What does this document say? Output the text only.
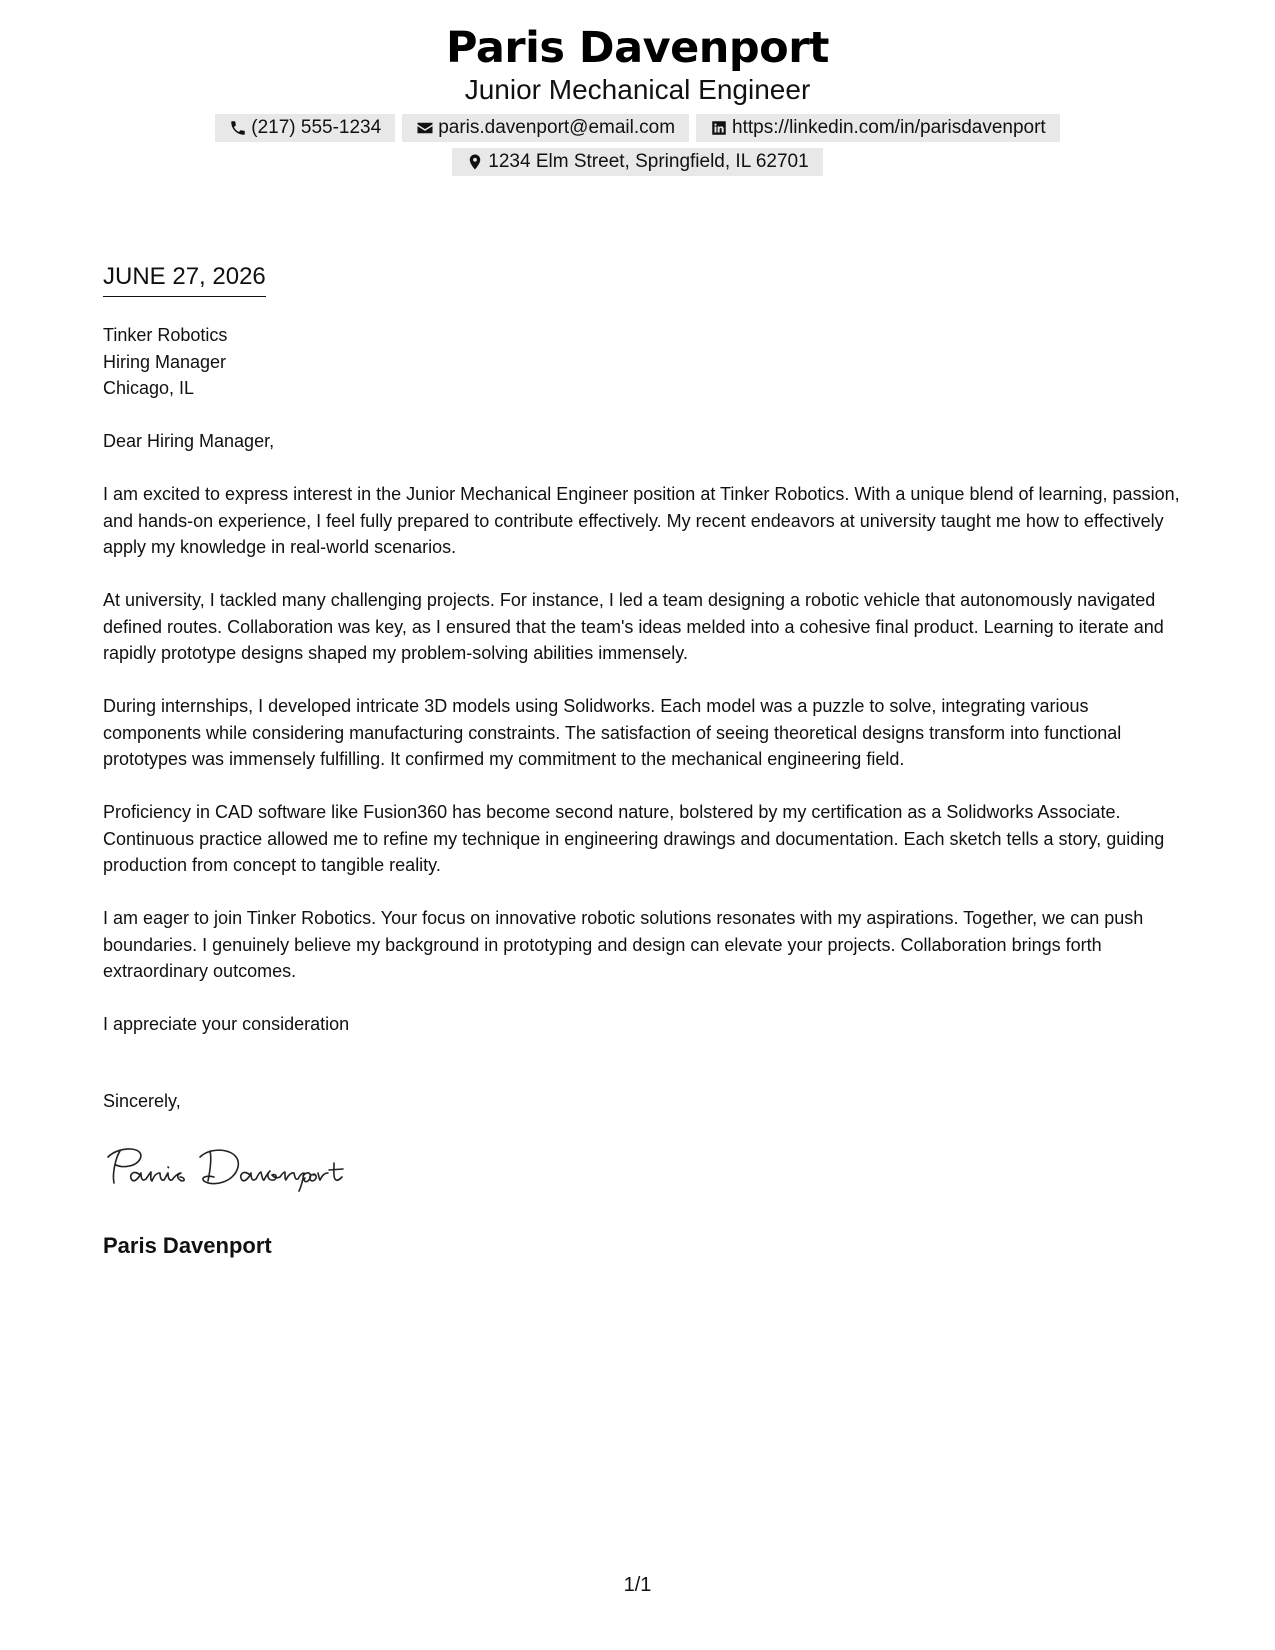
Paris Davenport
Junior Mechanical Engineer
(217) 555-1234	paris.davenport@email.com	https://linkedin.com/in/parisdavenport
1234 Elm Street, Springfield, IL 62701
JUNE 27, 2026
Tinker Robotics
Hiring Manager
Chicago, IL

Dear Hiring Manager,

I am excited to express interest in the Junior Mechanical Engineer position at Tinker Robotics. With a unique blend of learning, passion, and hands-on experience, I feel fully prepared to contribute effectively. My recent endeavors at university taught me how to effectively apply my knowledge in real-world scenarios.

At university, I tackled many challenging projects. For instance, I led a team designing a robotic vehicle that autonomously navigated defined routes. Collaboration was key, as I ensured that the team's ideas melded into a cohesive final product. Learning to iterate and rapidly prototype designs shaped my problem-solving abilities immensely.

During internships, I developed intricate 3D models using Solidworks. Each model was a puzzle to solve, integrating various components while considering manufacturing constraints. The satisfaction of seeing theoretical designs transform into functional prototypes was immensely fulfilling. It confirmed my commitment to the mechanical engineering field.

Proficiency in CAD software like Fusion360 has become second nature, bolstered by my certification as a Solidworks Associate. Continuous practice allowed me to refine my technique in engineering drawings and documentation. Each sketch tells a story, guiding production from concept to tangible reality.

I am eager to join Tinker Robotics. Your focus on innovative robotic solutions resonates with my aspirations. Together, we can push boundaries. I genuinely believe my background in prototyping and design can elevate your projects. Collaboration brings forth extraordinary outcomes.

I appreciate your consideration

Sincerely,
Paris Davenport
1/1
